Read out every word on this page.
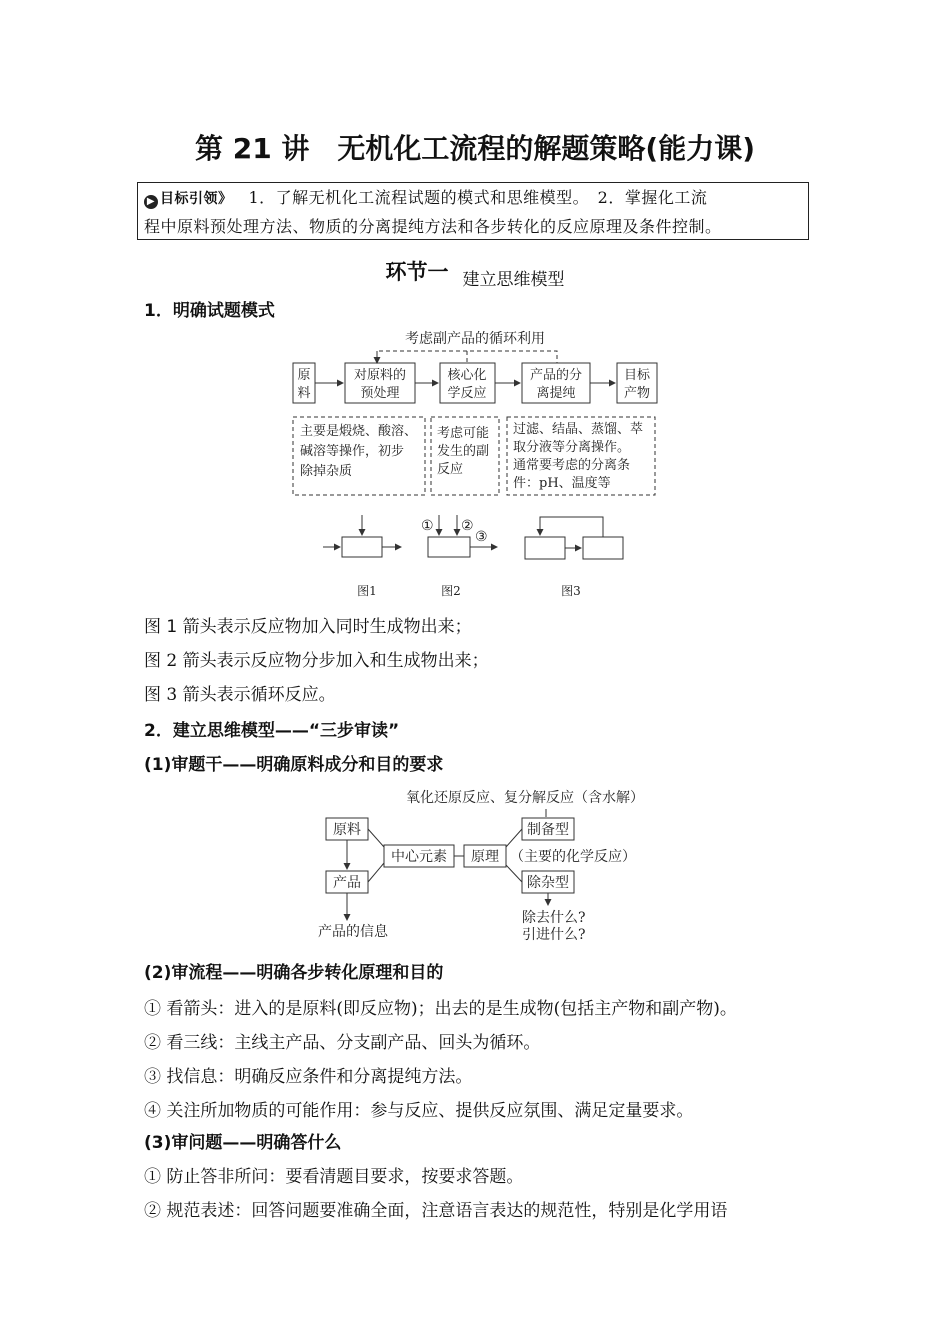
第 21 讲　无机化工流程的解题策略(能力课)
▶ 目标引领》 1．了解无机化工流程试题的模式和思维模型。　2．掌握化工流
程中原料预处理方法、物质的分离提纯方法和各步转化的反应原理及条件控制。
环节一 建立思维模型
1．明确试题模式
考虑副产品的循环利用
原
料
对原料的
预处理
核心化
学反应
产品的分
离提纯
目标
产物
主要是煅烧、酸溶、
碱溶等操作，初步
除掉杂质
考虑可能
发生的副
反应
过滤、结晶、蒸馏、萃
取分液等分离操作。
通常要考虑的分离条
件：pH、温度等
图1
① ②
③
图2	图3
图 1 箭头表示反应物加入同时生成物出来；
图 2 箭头表示反应物分步加入和生成物出来；
图 3 箭头表示循环反应。
2．建立思维模型——“三步审读”
(1)审题干——明确原料成分和目的要求
氧化还原反应、复分解反应（含水解）
原料
产品
产品的信息
中心元素 原理
制备型
（主要的化学反应）
除杂型
除去什么?
引进什么?
(2)审流程——明确各步转化原理和目的
① 看箭头：进入的是原料(即反应物)；出去的是生成物(包括主产物和副产物)。
② 看三线：主线主产品、分支副产品、回头为循环。
③ 找信息：明确反应条件和分离提纯方法。
④ 关注所加物质的可能作用：参与反应、提供反应氛围、满足定量要求。
(3)审问题——明确答什么
① 防止答非所问：要看清题目要求，按要求答题。
② 规范表述：回答问题要准确全面，注意语言表达的规范性，特别是化学用语
